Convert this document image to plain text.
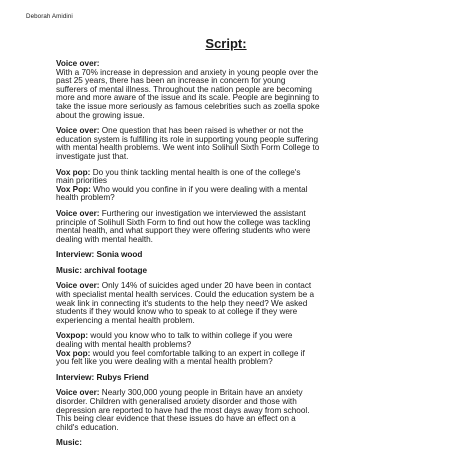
Deborah Amidini
Script:
Voice over:
With a 70% increase in depression and anxiety in young people over the
past 25 years, there has been an increase in concern for young
sufferers of mental illness. Throughout the nation people are becoming
more and more aware of the issue and its scale. People are beginning to
take the issue more seriously as famous celebrities such as zoella spoke
about the growing issue.
Voice over: One question that has been raised is whether or not the
education system is fulfilling its role in supporting young people suffering
with mental health problems. We went into Solihull Sixth Form College to
investigate just that.
Vox pop: Do you think tackling mental health is one of the college's
main priorities
Vox Pop: Who would you confine in if you were dealing with a mental
health problem?
Voice over: Furthering our investigation we interviewed the assistant
principle of Solihull Sixth Form to find out how the college was tackling
mental health, and what support they were offering students who were
dealing with mental health.
Interview: Sonia wood
Music: archival footage
Voice over: Only 14% of suicides aged under 20 have been in contact
with specialist mental health services. Could the education system be a
weak link in connecting it's students to the help they need? We asked
students if they would know who to speak to at college if they were
experiencing a mental health problem.
Voxpop: would you know who to talk to within college if you were
dealing with mental health problems?
Vox pop: would you feel comfortable talking to an expert in college if
you felt like you were dealing with a mental health problem?
Interview: Rubys Friend
Voice over: Nearly 300,000 young people in Britain have an anxiety
disorder. Children with generalised anxiety disorder and those with
depression are reported to have had the most days away from school.
This being clear evidence that these issues do have an effect on a
child's education.
Music:
